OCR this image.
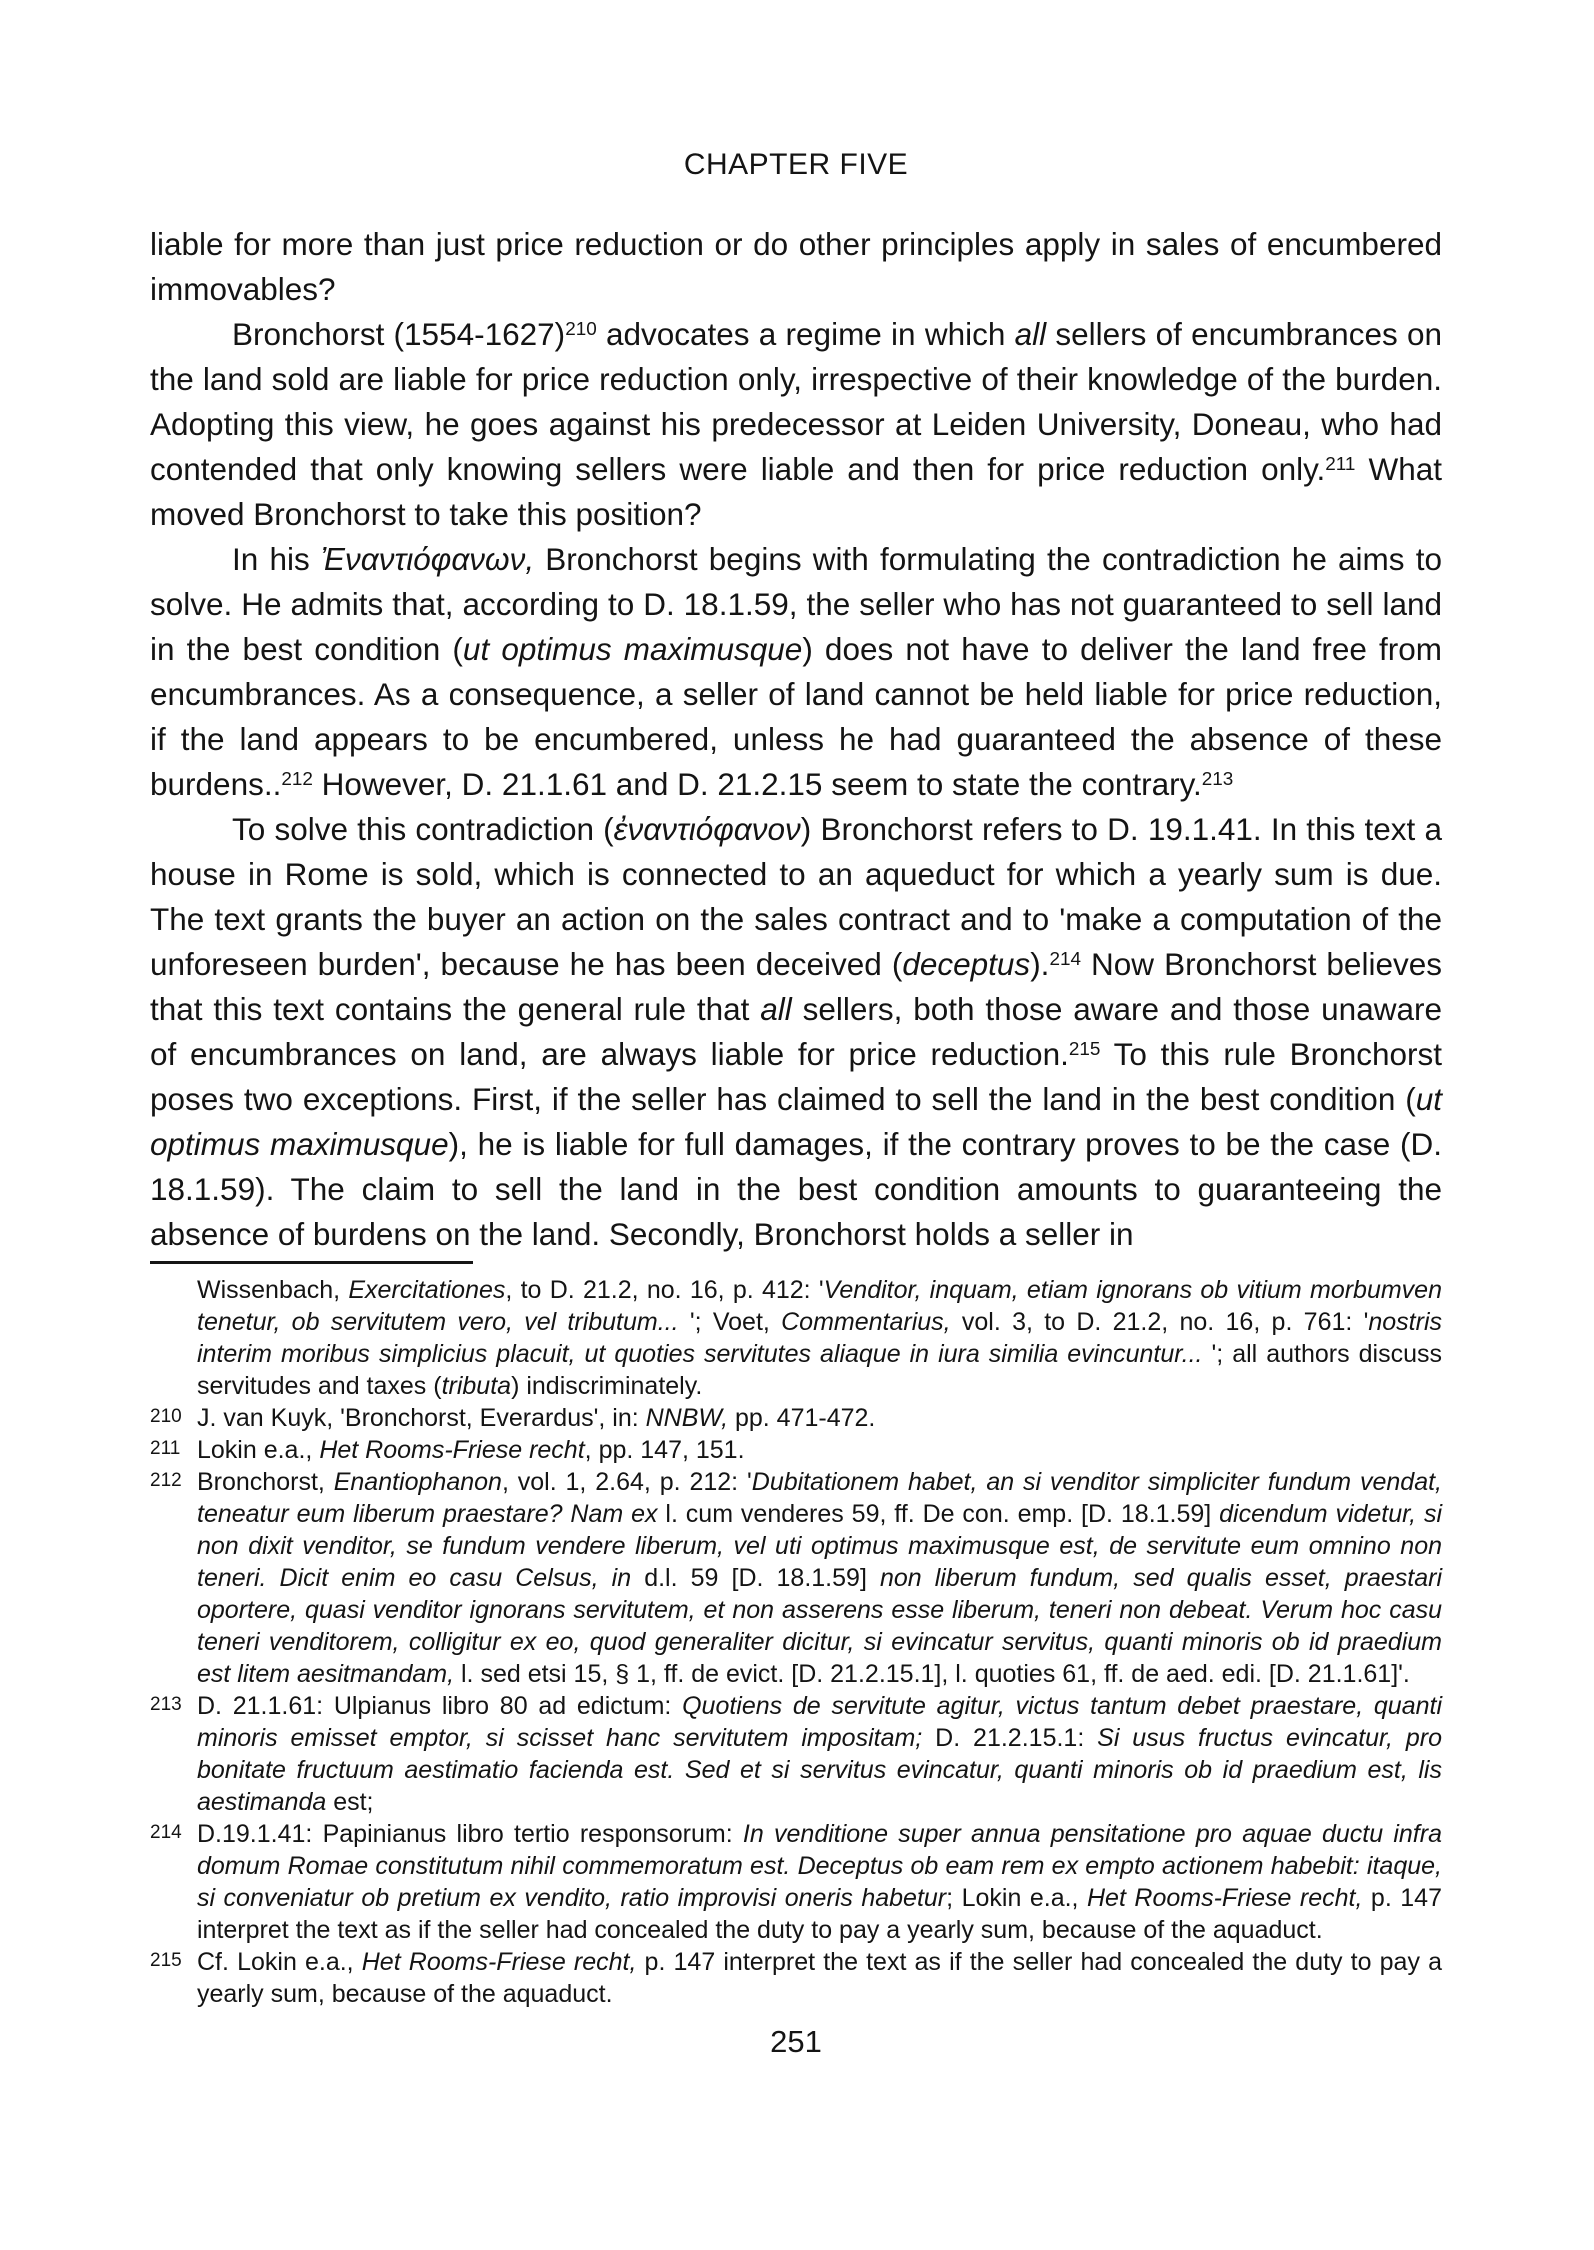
CHAPTER FIVE

liable for more than just price reduction or do other principles apply in sales of encumbered immovables?

Bronchorst (1554-1627)$^{210}$ advocates a regime in which all sellers of encumbrances on the land sold are liable for price reduction only, irrespective of their knowledge of the burden. Adopting this view, he goes against his predecessor at Leiden University, Doneau, who had contended that only knowing sellers were liable and then for price reduction only.$^{211}$ What moved Bronchorst to take this position?

In his Ἐναντιόφανων, Bronchorst begins with formulating the contradiction he aims to solve. He admits that, according to D. 18.1.59, the seller who has not guaranteed to sell land in the best condition (ut optimus maximusque) does not have to deliver the land free from encumbrances. As a consequence, a seller of land cannot be held liable for price reduction, if the land appears to be encumbered, unless he had guaranteed the absence of these burdens..$^{212}$ However, D. 21.1.61 and D. 21.2.15 seem to state the contrary.$^{213}$

To solve this contradiction (ἐναντιόφανον) Bronchorst refers to D. 19.1.41. In this text a house in Rome is sold, which is connected to an aqueduct for which a yearly sum is due. The text grants the buyer an action on the sales contract and to 'make a computation of the unforeseen burden', because he has been deceived (deceptus).$^{214}$ Now Bronchorst believes that this text contains the general rule that all sellers, both those aware and those unaware of encumbrances on land, are always liable for price reduction.$^{215}$ To this rule Bronchorst poses two exceptions. First, if the seller has claimed to sell the land in the best condition (ut optimus maximusque), he is liable for full damages, if the contrary proves to be the case (D. 18.1.59). The claim to sell the land in the best condition amounts to guaranteeing the absence of burdens on the land. Secondly, Bronchorst holds a seller in

Wissenbach, Exercitationes, to D. 21.2, no. 16, p. 412: 'Venditor, inquam, etiam ignorans ob vitium morbumven tenetur, ob servitutem vero, vel tributum... '; Voet, Commentarius, vol. 3, to D. 21.2, no. 16, p. 761: 'nostris interim moribus simplicius placuit, ut quoties servitutes aliaque in iura similia evincuntur... '; all authors discuss servitudes and taxes (tributa) indiscriminately.
210 J. van Kuyk, 'Bronchorst, Everardus', in: NNBW, pp. 471-472.
211 Lokin e.a., Het Rooms-Friese recht, pp. 147, 151.
212 Bronchorst, Enantiophanon, vol. 1, 2.64, p. 212: 'Dubitationem habet, an si venditor simpliciter fundum vendat, teneatur eum liberum praestare? Nam ex l. cum venderes 59, ff. De con. emp. [D. 18.1.59] dicendum videtur, si non dixit venditor, se fundum vendere liberum, vel uti optimus maximusque est, de servitute eum omnino non teneri. Dicit enim eo casu Celsus, in d.l. 59 [D. 18.1.59] non liberum fundum, sed qualis esset, praestari oportere, quasi venditor ignorans servitutem, et non asserens esse liberum, teneri non debeat. Verum hoc casu teneri venditorem, colligitur ex eo, quod generaliter dicitur, si evincatur servitus, quanti minoris ob id praedium est litem aesitmandam, l. sed etsi 15, § 1, ff. de evict. [D. 21.2.15.1], l. quoties 61, ff. de aed. edi. [D. 21.1.61]'.
213 D. 21.1.61: Ulpianus libro 80 ad edictum: Quotiens de servitute agitur, victus tantum debet praestare, quanti minoris emisset emptor, si scisset hanc servitutem impositam; D. 21.2.15.1: Si usus fructus evincatur, pro bonitate fructuum aestimatio facienda est. Sed et si servitus evincatur, quanti minoris ob id praedium est, lis aestimanda est;
214 D.19.1.41: Papinianus libro tertio responsorum: In venditione super annua pensitatione pro aquae ductu infra domum Romae constitutum nihil commemoratum est. Deceptus ob eam rem ex empto actionem habebit: itaque, si conveniatur ob pretium ex vendito, ratio improvisi oneris habetur; Lokin e.a., Het Rooms-Friese recht, p. 147 interpret the text as if the seller had concealed the duty to pay a yearly sum, because of the aquaduct.
215 Cf. Lokin e.a., Het Rooms-Friese recht, p. 147 interpret the text as if the seller had concealed the duty to pay a yearly sum, because of the aquaduct.
251
